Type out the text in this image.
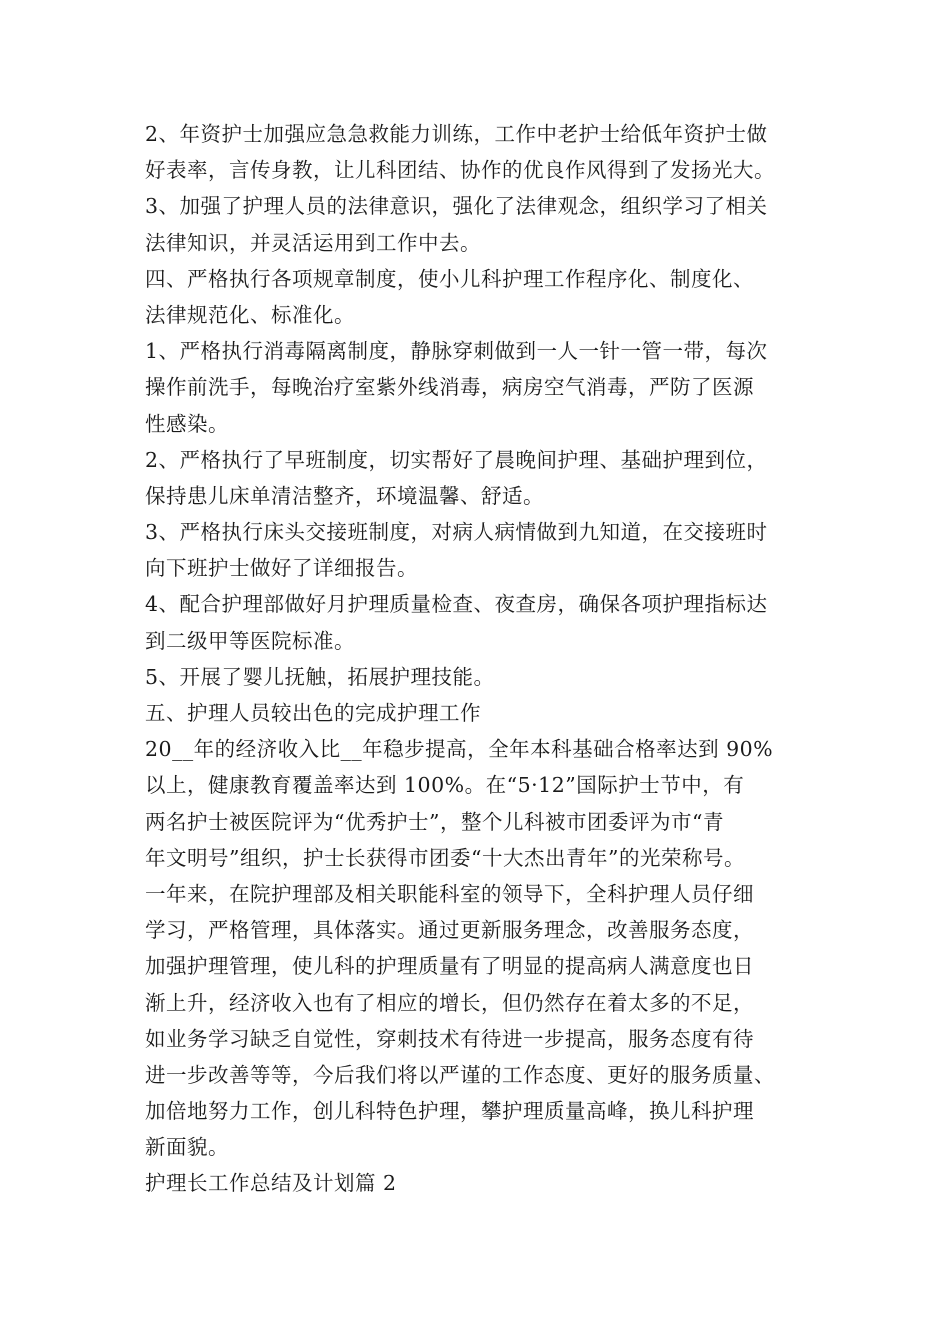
2、年资护士加强应急急救能力训练，工作中老护士给低年资护士做
好表率，言传身教，让儿科团结、协作的优良作风得到了发扬光大。
3、加强了护理人员的法律意识，强化了法律观念，组织学习了相关
法律知识，并灵活运用到工作中去。
四、严格执行各项规章制度，使小儿科护理工作程序化、制度化、
法律规范化、标准化。
1、严格执行消毒隔离制度，静脉穿刺做到一人一针一管一带，每次
操作前洗手，每晚治疗室紫外线消毒，病房空气消毒，严防了医源
性感染。
2、严格执行了早班制度，切实帮好了晨晚间护理、基础护理到位，
保持患儿床单清洁整齐，环境温馨、舒适。
3、严格执行床头交接班制度，对病人病情做到九知道，在交接班时
向下班护士做好了详细报告。
4、配合护理部做好月护理质量检查、夜查房，确保各项护理指标达
到二级甲等医院标准。
5、开展了婴儿抚触，拓展护理技能。
五、护理人员较出色的完成护理工作
20__年的经济收入比__年稳步提高，全年本科基础合格率达到 90%
以上，健康教育覆盖率达到 100%。在“5·12”国际护士节中，有
两名护士被医院评为“优秀护士”，整个儿科被市团委评为市“青
年文明号”组织，护士长获得市团委“十大杰出青年”的光荣称号。
一年来，在院护理部及相关职能科室的领导下，全科护理人员仔细
学习，严格管理，具体落实。通过更新服务理念，改善服务态度，
加强护理管理，使儿科的护理质量有了明显的提高病人满意度也日
渐上升，经济收入也有了相应的增长，但仍然存在着太多的不足，
如业务学习缺乏自觉性，穿刺技术有待进一步提高，服务态度有待
进一步改善等等，今后我们将以严谨的工作态度、更好的服务质量、
加倍地努力工作，创儿科特色护理，攀护理质量高峰，换儿科护理
新面貌。
护理长工作总结及计划篇 2
